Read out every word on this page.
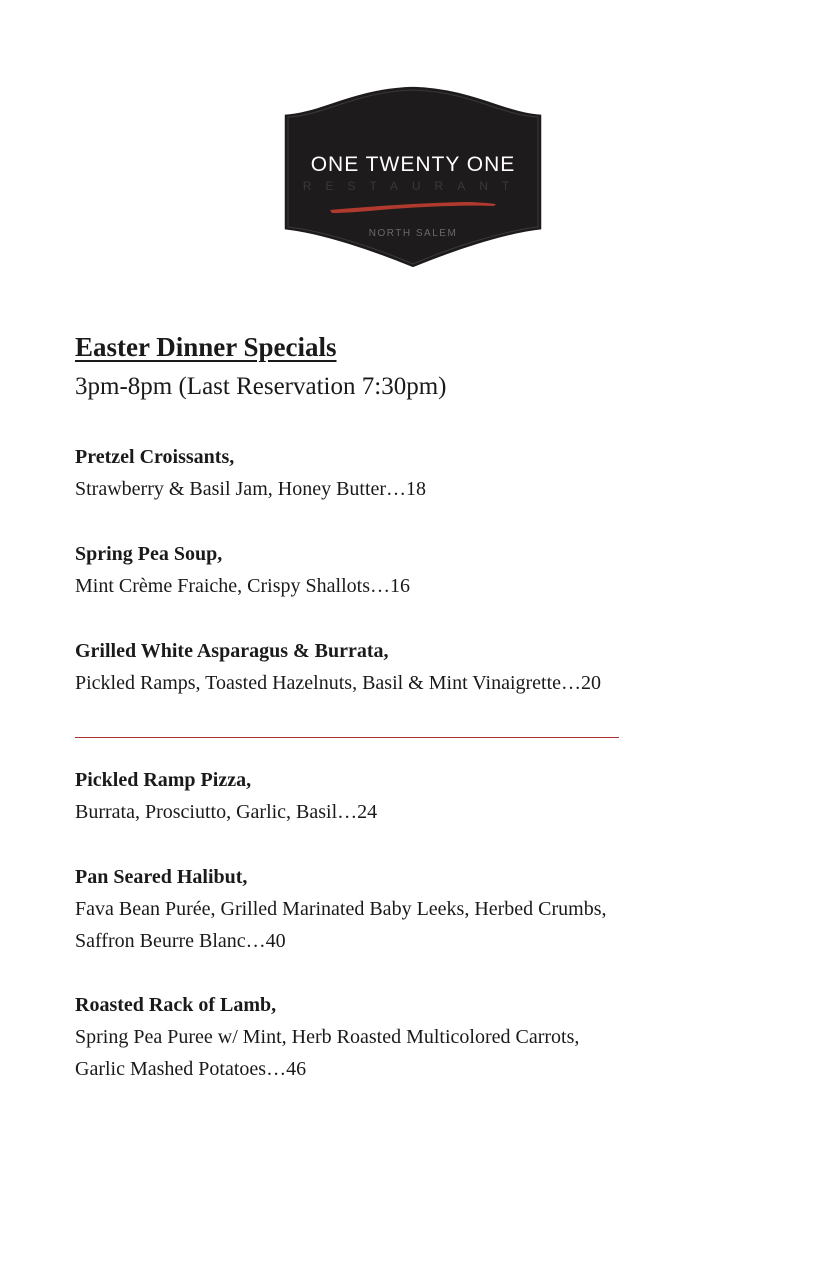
ONE TWENTY ONE
RESTAURANT
NORTH SALEM
Easter Dinner Specials

3pm-8pm (Last Reservation 7:30pm)

Pretzel Croissants,
Strawberry & Basil Jam, Honey Butter…18
Spring Pea Soup,
Mint Crème Fraiche, Crispy Shallots…16
Grilled White Asparagus & Burrata,
Pickled Ramps, Toasted Hazelnuts, Basil & Mint Vinaigrette…20
Pickled Ramp Pizza,
Burrata, Prosciutto, Garlic, Basil…24
Pan Seared Halibut,
Fava Bean Purée, Grilled Marinated Baby Leeks, Herbed Crumbs,
Saffron Beurre Blanc…40
Roasted Rack of Lamb,
Spring Pea Puree w/ Mint, Herb Roasted Multicolored Carrots,
Garlic Mashed Potatoes…46
